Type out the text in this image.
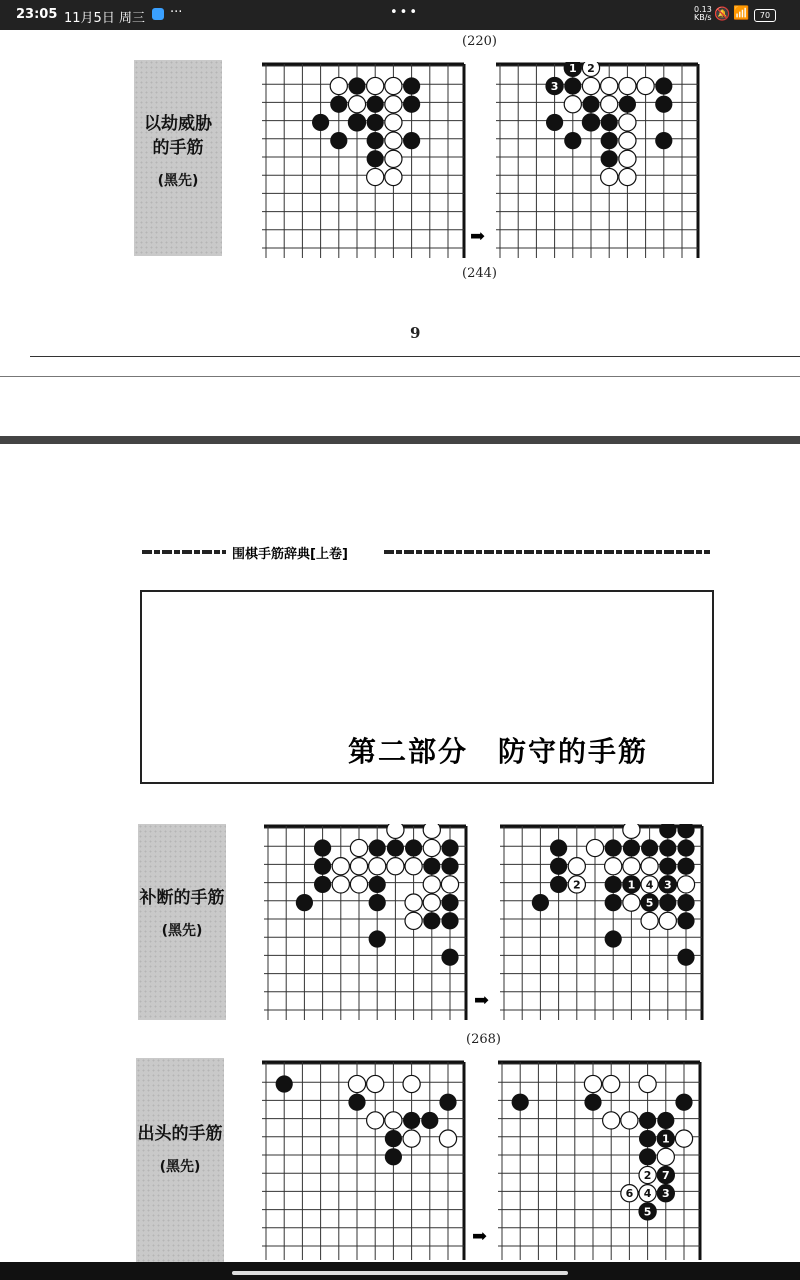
23:05 11月5日 周三 ···	•••	0.13
KB/s 🔕 📶	70
(220)
以劫威胁
的手筋
(黑先)
➡
1 2
3
(244)
9
围棋手筋辞典[上卷]
第二部分　防守的手筋
补断的手筋
(黑先)
➡
2	1 4 3
5
(268)
出头的手筋
(黑先)
➡
1
2 7
6 4 3
5
